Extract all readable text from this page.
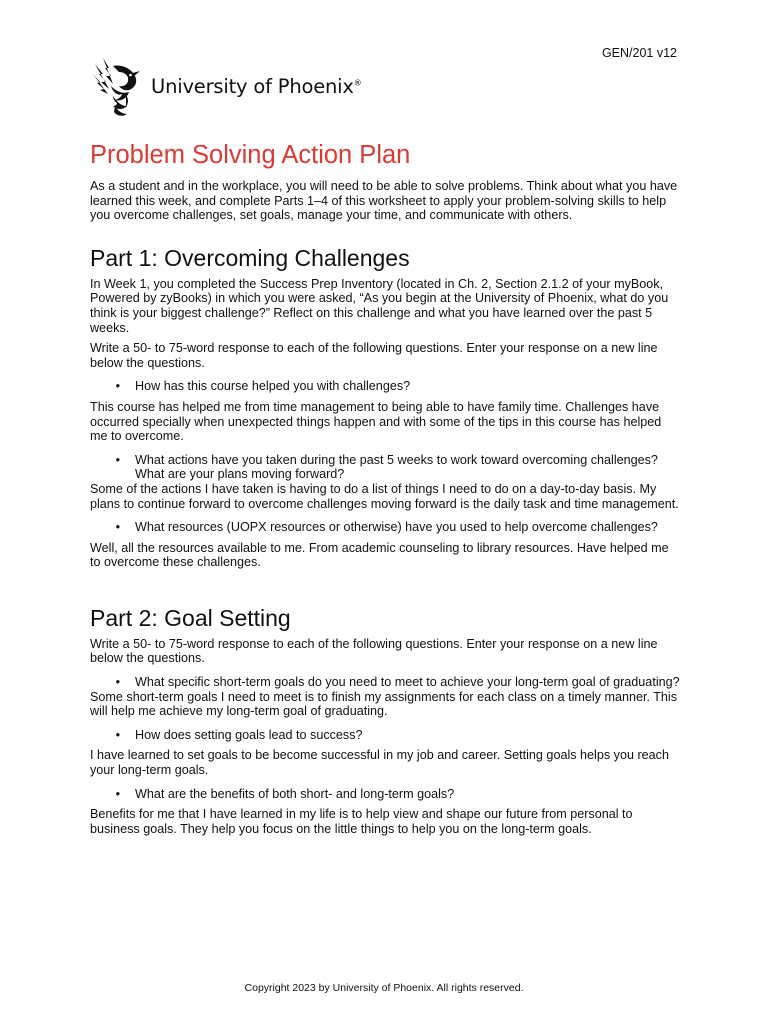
GEN/201 v12
University of Phoenix®
Problem Solving Action Plan

As a student and in the workplace, you will need to be able to solve problems. Think about what you have learned this week, and complete Parts 1–4 of this worksheet to apply your problem-solving skills to help you overcome challenges, set goals, manage your time, and communicate with others.

Part 1: Overcoming Challenges

In Week 1, you completed the Success Prep Inventory (located in Ch. 2, Section 2.1.2 of your myBook, Powered by zyBooks) in which you were asked, “As you begin at the University of Phoenix, what do you think is your biggest challenge?” Reflect on this challenge and what you have learned over the past 5 weeks.

Write a 50- to 75-word response to each of the following questions. Enter your response on a new line below the questions.

•	How has this course helped you with challenges?

This course has helped me from time management to being able to have family time. Challenges have occurred specially when unexpected things happen and with some of the tips in this course has helped me to overcome.

•	What actions have you taken during the past 5 weeks to work toward overcoming challenges? What are your plans moving forward?

Some of the actions I have taken is having to do a list of things I need to do on a day-to-day basis. My plans to continue forward to overcome challenges moving forward is the daily task and time management.

•	What resources (UOPX resources or otherwise) have you used to help overcome challenges?

Well, all the resources available to me. From academic counseling to library resources. Have helped me to overcome these challenges.

Part 2: Goal Setting

Write a 50- to 75-word response to each of the following questions. Enter your response on a new line below the questions.

•	What specific short-term goals do you need to meet to achieve your long-term goal of graduating?

Some short-term goals I need to meet is to finish my assignments for each class on a timely manner. This will help me achieve my long-term goal of graduating.

•	How does setting goals lead to success?

I have learned to set goals to be become successful in my job and career. Setting goals helps you reach your long-term goals.

•	What are the benefits of both short- and long-term goals?

Benefits for me that I have learned in my life is to help view and shape our future from personal to business goals. They help you focus on the little things to help you on the long-term goals.

Copyright 2023 by University of Phoenix. All rights reserved.
